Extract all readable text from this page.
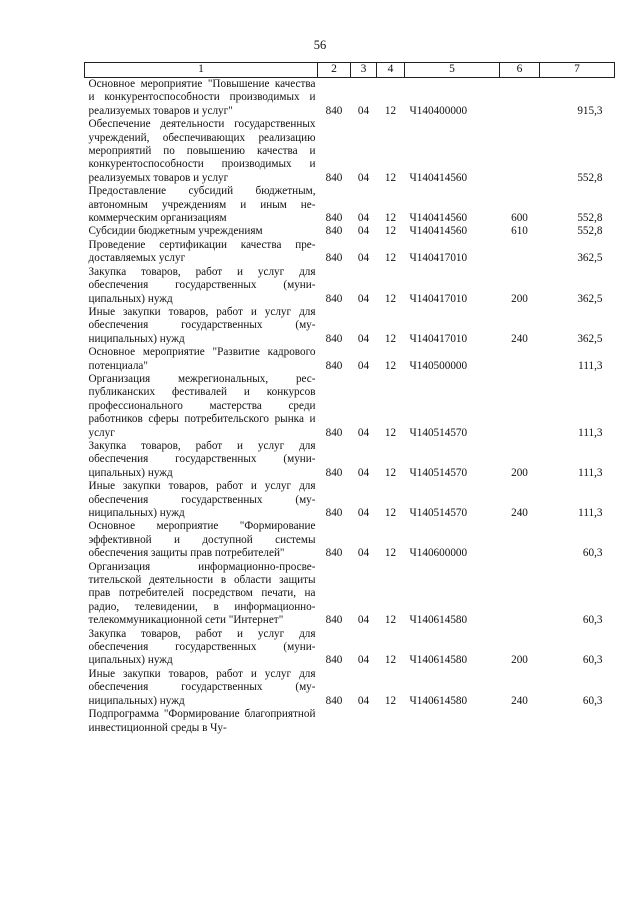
56
1	2	3	4	5	6	7
Основное мероприятие "Повышение качества и конкурентоспособности производимых и реализуемых товаров и услуг"	840	04	12	Ч140400000		915,3
Обеспечение деятельности государственных учреждений, обеспечивающих реализацию мероприятий по повышению качества и конкурентоспособности производимых и реализуемых товаров и услуг	840	04	12	Ч140414560		552,8
Предоставление субсидий бюджетным, автономным учреждениям и иным некоммерческим организациям	840	04	12	Ч140414560	600	552,8
Субсидии бюджетным учреждениям	840	04	12	Ч140414560	610	552,8
Проведение сертификации качества предоставляемых услуг	840	04	12	Ч140417010		362,5
Закупка товаров, работ и услуг для обеспечения государственных (муниципальных) нужд	840	04	12	Ч140417010	200	362,5
Иные закупки товаров, работ и услуг для обеспечения государственных (муниципальных) нужд	840	04	12	Ч140417010	240	362,5
Основное мероприятие "Развитие кадрового потенциала"	840	04	12	Ч140500000		111,3
Организация межрегиональных, республиканских фестивалей и конкурсов профессионального мастерства среди работников сферы потребительского рынка и услуг	840	04	12	Ч140514570		111,3
Закупка товаров, работ и услуг для обеспечения государственных (муниципальных) нужд	840	04	12	Ч140514570	200	111,3
Иные закупки товаров, работ и услуг для обеспечения государственных (муниципальных) нужд	840	04	12	Ч140514570	240	111,3
Основное мероприятие "Формирование эффективной и доступной системы обеспечения защиты прав потребителей"	840	04	12	Ч140600000		60,3
Организация информационно-просветительской деятельности в области защиты прав потребителей посредством печати, на радио, телевидении, в информационно-телекоммуникационной сети "Интернет"	840	04	12	Ч140614580		60,3
Закупка товаров, работ и услуг для обеспечения государственных (муниципальных) нужд	840	04	12	Ч140614580	200	60,3
Иные закупки товаров, работ и услуг для обеспечения государственных (муниципальных) нужд	840	04	12	Ч140614580	240	60,3
Подпрограмма "Формирование благоприятной инвестиционной среды в Чу-						
